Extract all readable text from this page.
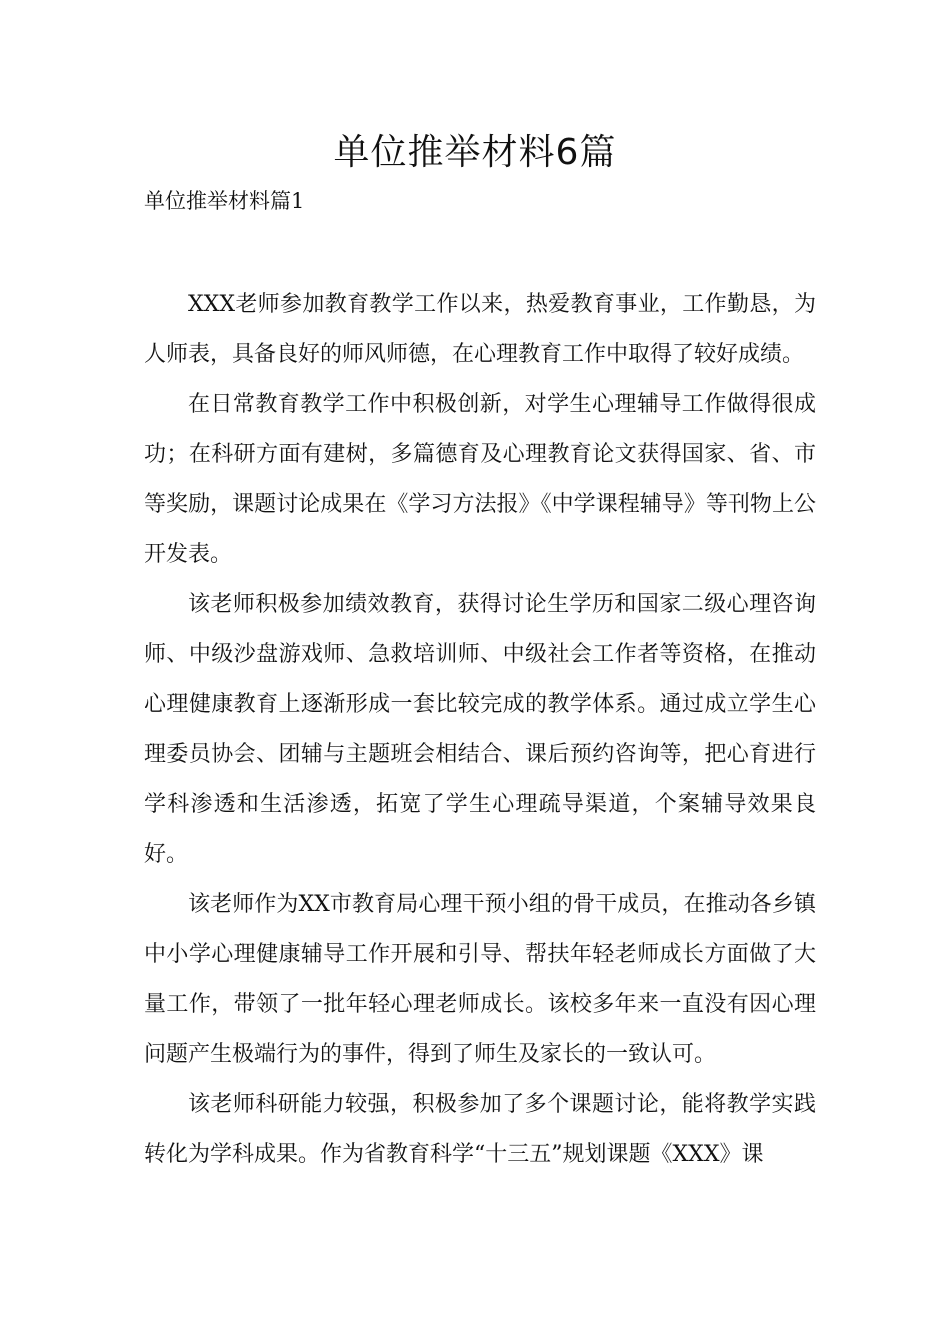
单位推举材料6篇

单位推举材料篇1

XXX老师参加教育教学工作以来，热爱教育事业，工作勤恳，为人师表，具备良好的师风师德，在心理教育工作中取得了较好成绩。

在日常教育教学工作中积极创新，对学生心理辅导工作做得很成功；在科研方面有建树，多篇德育及心理教育论文获得国家、省、市等奖励，课题讨论成果在《学习方法报》《中学课程辅导》等刊物上公开发表。

该老师积极参加绩效教育，获得讨论生学历和国家二级心理咨询师、中级沙盘游戏师、急救培训师、中级社会工作者等资格，在推动心理健康教育上逐渐形成一套比较完成的教学体系。通过成立学生心理委员协会、团辅与主题班会相结合、课后预约咨询等，把心育进行学科渗透和生活渗透，拓宽了学生心理疏导渠道，个案辅导效果良好。

该老师作为XX市教育局心理干预小组的骨干成员，在推动各乡镇中小学心理健康辅导工作开展和引导、帮扶年轻老师成长方面做了大量工作，带领了一批年轻心理老师成长。该校多年来一直没有因心理问题产生极端行为的事件，得到了师生及家长的一致认可。

该老师科研能力较强，积极参加了多个课题讨论，能将教学实践转化为学科成果。作为省教育科学“十三五”规划课题《XXX》课
